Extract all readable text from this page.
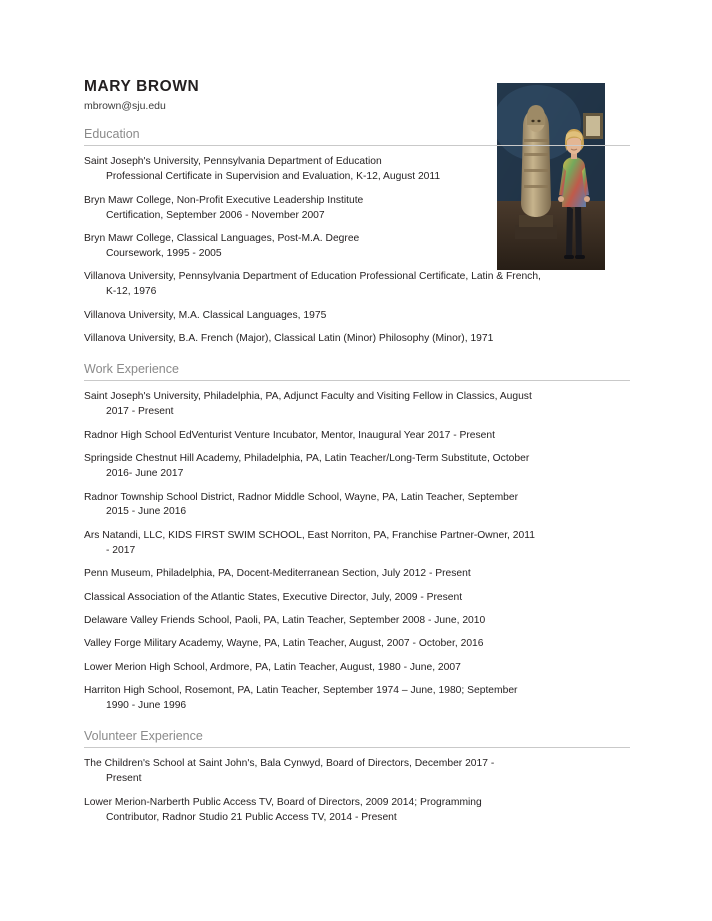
MARY BROWN
mbrown@sju.edu
Education
Saint Joseph's University, Pennsylvania Department of Education
Professional Certificate in Supervision and Evaluation, K-12, August 2011
Bryn Mawr College, Non-Profit Executive Leadership Institute
Certification, September 2006 - November 2007
Bryn Mawr College, Classical Languages, Post-M.A. Degree
Coursework, 1995 - 2005
Villanova University, Pennsylvania Department of Education Professional Certificate, Latin & French,
K-12, 1976
Villanova University, M.A. Classical Languages, 1975
Villanova University, B.A. French (Major), Classical Latin (Minor) Philosophy (Minor), 1971
Work Experience
Saint Joseph's University, Philadelphia, PA, Adjunct Faculty and Visiting Fellow in Classics, August
2017 - Present
Radnor High School EdVenturist Venture Incubator, Mentor, Inaugural Year 2017 - Present
Springside Chestnut Hill Academy, Philadelphia, PA, Latin Teacher/Long-Term Substitute, October
2016- June 2017
Radnor Township School District, Radnor Middle School, Wayne, PA, Latin Teacher, September
2015 - June 2016
Ars Natandi, LLC, KIDS FIRST SWIM SCHOOL, East Norriton, PA, Franchise Partner-Owner, 2011
- 2017
Penn Museum, Philadelphia, PA, Docent-Mediterranean Section, July 2012 - Present
Classical Association of the Atlantic States, Executive Director, July, 2009 - Present
Delaware Valley Friends School, Paoli, PA, Latin Teacher, September 2008 - June, 2010
Valley Forge Military Academy, Wayne, PA, Latin Teacher, August, 2007 - October, 2016
Lower Merion High School, Ardmore, PA, Latin Teacher, August, 1980 - June, 2007
Harriton High School, Rosemont, PA, Latin Teacher, September 1974 – June, 1980; September
1990 - June 1996
Volunteer Experience
The Children's School at Saint John's, Bala Cynwyd, Board of Directors, December 2017 -
Present
Lower Merion-Narberth Public Access TV, Board of Directors, 2009 2014; Programming
Contributor, Radnor Studio 21 Public Access TV, 2014 - Present
